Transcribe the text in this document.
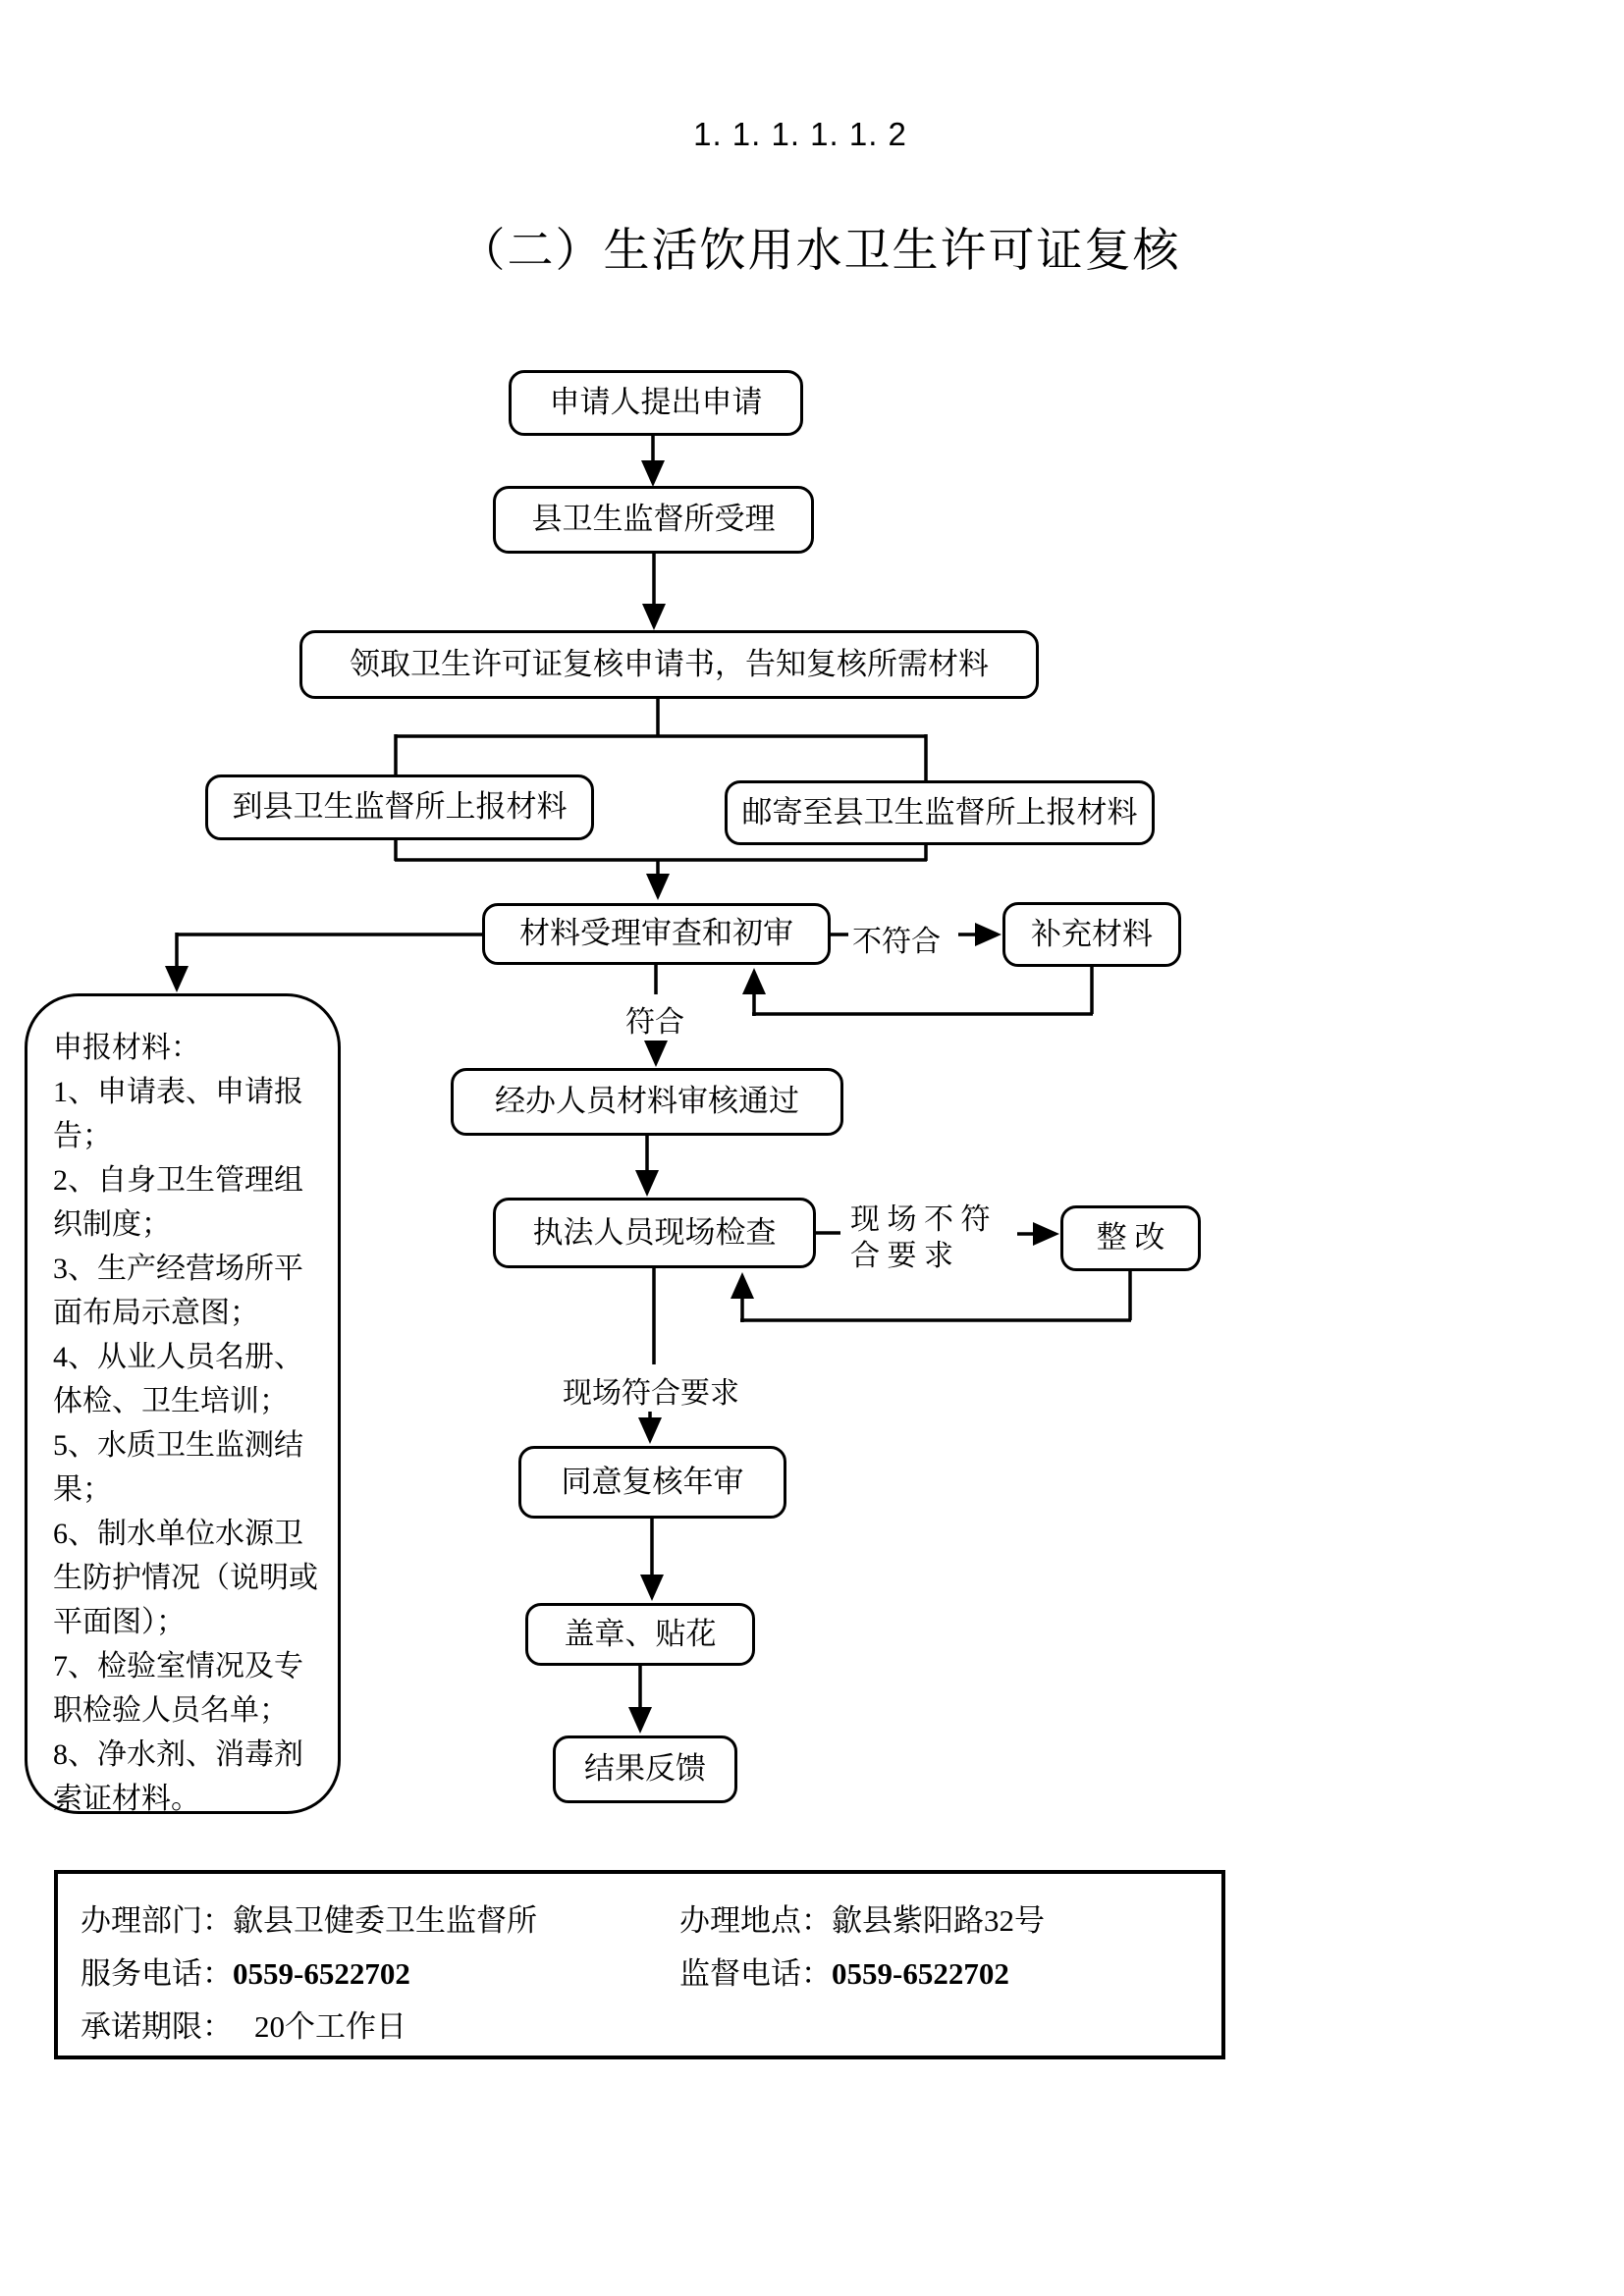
1. 1. 1. 1. 1. 2
（二）生活饮用水卫生许可证复核
申请人提出申请
县卫生监督所受理
领取卫生许可证复核申请书，告知复核所需材料
到县卫生监督所上报材料	邮寄至县卫生监督所上报材料
材料受理审查和初审	补充材料
经办人员材料审核通过
执法人员现场检查	整 改
同意复核年审
盖章、贴花
结果反馈
不符合
符合
现 场 不 符
合 要 求
现场符合要求
申报材料：
1、申请表、申请报告；
2、自身卫生管理组织制度；
3、生产经营场所平面布局示意图；
4、从业人员名册、体检、卫生培训；
5、水质卫生监测结果；
6、制水单位水源卫生防护情况（说明或平面图）；
7、检验室情况及专职检验人员名单；
8、净水剂、消毒剂索证材料。
办理部门：歙县卫健委卫生监督所	办理地点：歙县紫阳路32号
服务电话：0559-6522702	监督电话：0559-6522702
承诺期限： 20个工作日
